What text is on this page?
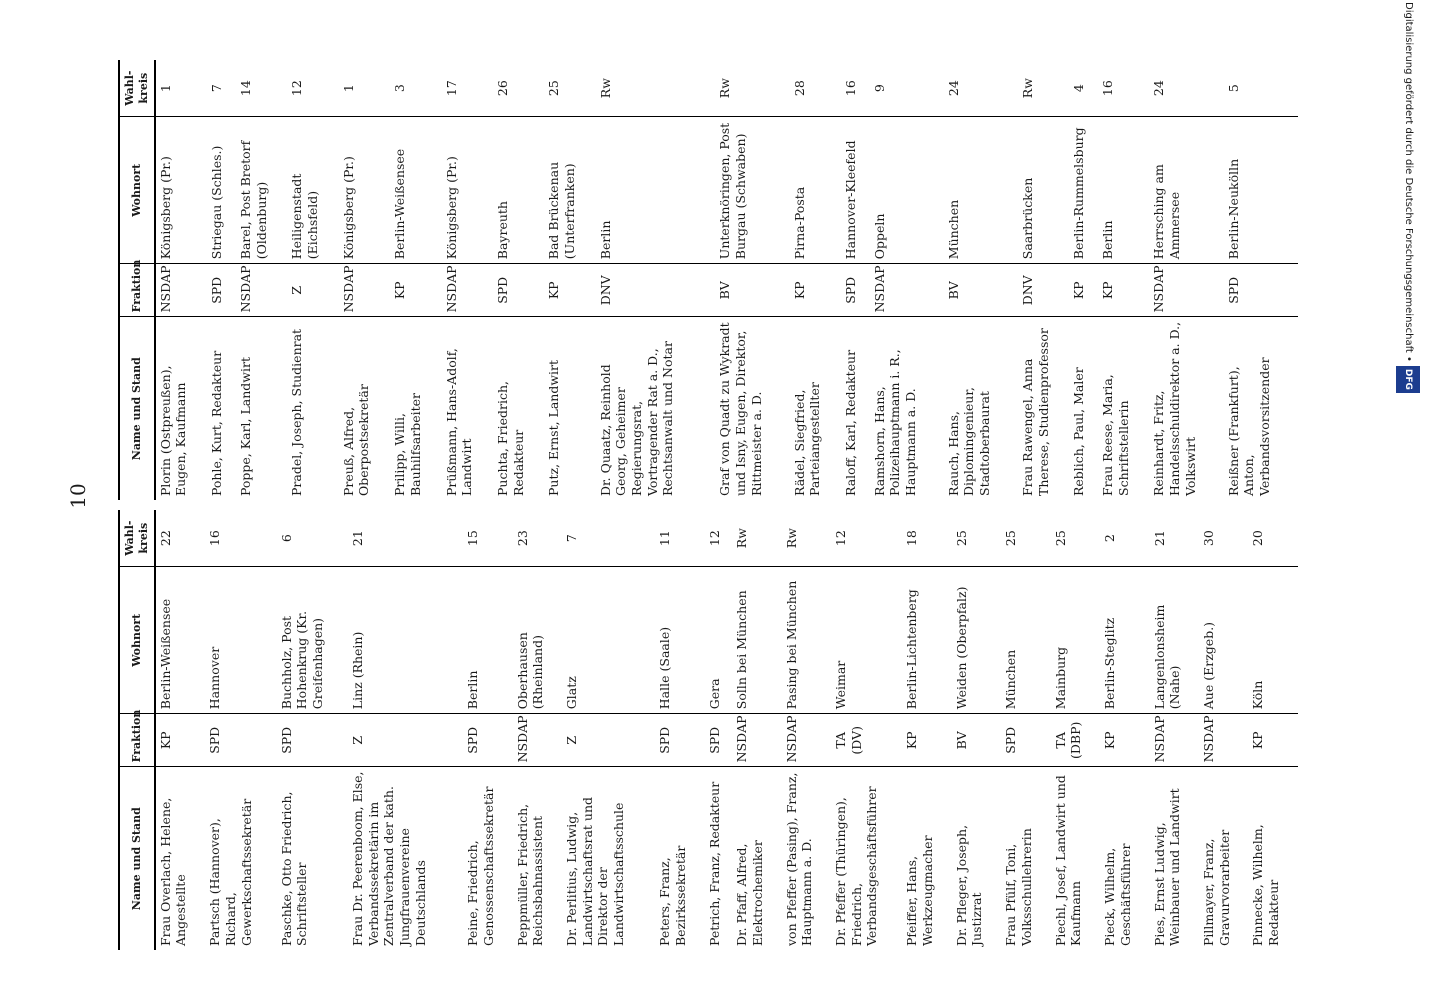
10
Digitalisierung gefördert durch die Deutsche Forschungsgemeinschaft •DFG
Name und Stand	Fraktion	Wohnort	Wahl-kreis
Frau Overlach, Helene, Angestellte	KP	Berlin-Weißensee	22
Partsch (Hannover), Richard, Gewerkschaftssekretär	SPD	Hannover	16
Paschke, Otto Friedrich, Schriftsteller	SPD	Buchholz, Post Hohenkrug (Kr. Greifenhagen)	6
Frau Dr. Peerenboom, Else, Verbandssekretärin im Zentralverband der kath. Jungfrauenvereine Deutschlands	Z	Linz (Rhein)	21
Peine, Friedrich, Genossenschaftssekretär	SPD	Berlin	15
Peppmüller, Friedrich, Reichsbahnassistent	NSDAP	Oberhausen (Rheinland)	23
Dr. Perlitius, Ludwig, Landwirtschaftsrat und Direktor der Landwirtschaftsschule	Z	Glatz	7
Peters, Franz, Bezirkssekretär	SPD	Halle (Saale)	11
Petrich, Franz, Redakteur	SPD	Gera	12
Dr. Pfaff, Alfred, Elektrochemiker	NSDAP	Solln bei München	Rw
von Pfeffer (Pasing), Franz, Hauptmann a. D.	NSDAP	Pasing bei München	Rw
Dr. Pfeffer (Thüringen), Friedrich, Verbandsgeschäftsführer	TA (DV)	Weimar	12
Pfeiffer, Hans, Werkzeugmacher	KP	Berlin-Lichtenberg	18
Dr. Pfleger, Joseph, Justizrat	BV	Weiden (Oberpfalz)	25
Frau Pfülf, Toni, Volksschullehrerin	SPD	München	25
Piechl, Josef, Landwirt und Kaufmann	TA (DBP)	Mainburg	25
Pieck, Wilhelm, Geschäftsführer	KP	Berlin-Steglitz	2
Pies, Ernst Ludwig, Weinbauer und Landwirt	NSDAP	Langenlonsheim (Nahe)	21
Pillmayer, Franz, Gravurvorarbeiter	NSDAP	Aue (Erzgeb.)	30
Pinnecke, Wilhelm, Redakteur	KP	Köln	20
Name und Stand	Fraktion	Wohnort	Wahl-kreis
Plorin (Ostpreußen), Eugen, Kaufmann	NSDAP	Königsberg (Pr.)	1
Pohle, Kurt, Redakteur	SPD	Striegau (Schles.)	7
Poppe, Karl, Landwirt	NSDAP	Barel, Post Bretorf (Oldenburg)	14
Pradel, Joseph, Studienrat	Z	Heiligenstadt (Eichsfeld)	12
Preuß, Alfred, Oberpostsekretär	NSDAP	Königsberg (Pr.)	1
Prilipp, Willi, Bauhilfsarbeiter	KP	Berlin-Weißensee	3
Prüßmann, Hans-Adolf, Landwirt	NSDAP	Königsberg (Pr.)	17
Puchta, Friedrich, Redakteur	SPD	Bayreuth	26
Putz, Ernst, Landwirt	KP	Bad Brückenau (Unterfranken)	25
Dr. Quaatz, Reinhold Georg, Geheimer Regierungsrat, Vortragender Rat a. D., Rechtsanwalt und Notar	DNV	Berlin	Rw
Graf von Quadt zu Wykradt und Isny, Eugen, Direktor, Rittmeister a. D.	BV	Unterknöringen, Post Burgau (Schwaben)	Rw
Rädel, Siegfried, Parteiangestellter	KP	Pirna-Posta	28
Raloff, Karl, Redakteur	SPD	Hannover-Kleefeld	16
Ramshorn, Hans, Polizeihauptmann i. R., Hauptmann a. D.	NSDAP	Oppeln	9
Rauch, Hans, Diplomingenieur, Stadtoberbaurat	BV	München	24
Frau Rawengel, Anna Therese, Studienprofessor	DNV	Saarbrücken	Rw
Reblich, Paul, Maler	KP	Berlin-Rummelsburg	4
Frau Reese, Maria, Schriftstellerin	KP	Berlin	16
Reinhardt, Fritz, Handelsschuldirektor a. D., Volkswirt	NSDAP	Herrsching am Ammersee	24
Reißner (Frankfurt), Anton, Verbandsvorsitzender	SPD	Berlin-Neukölln	5
